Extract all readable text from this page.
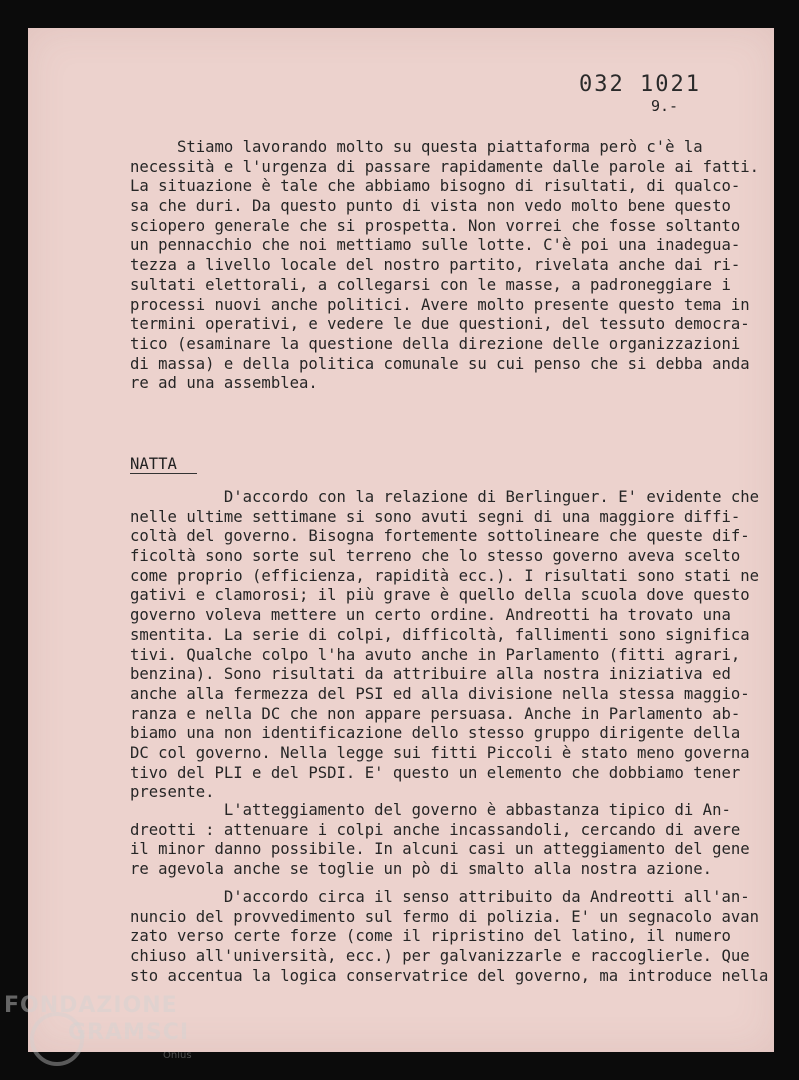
032 1021
9.-
Stiamo lavorando molto su questa piattaforma però c'è la
necessità e l'urgenza di passare rapidamente dalle parole ai fatti.
La situazione è tale che abbiamo bisogno di risultati, di qualco-
sa che duri. Da questo punto di vista non vedo molto bene questo
sciopero generale che si prospetta. Non vorrei che fosse soltanto
un pennacchio che noi mettiamo sulle lotte. C'è poi una inadegua-
tezza a livello locale del nostro partito, rivelata anche dai ri-
sultati elettorali, a collegarsi con le masse, a padroneggiare i
processi nuovi anche politici. Avere molto presente questo tema in
termini operativi, e vedere le due questioni, del tessuto democra-
tico (esaminare la questione della direzione delle organizzazioni
di massa) e della politica comunale su cui penso che si debba anda
re ad una assemblea.
NATTA
D'accordo con la relazione di Berlinguer. E' evidente che
nelle ultime settimane si sono avuti segni di una maggiore diffi-
coltà del governo. Bisogna fortemente sottolineare che queste dif-
ficoltà sono sorte sul terreno che lo stesso governo aveva scelto
come proprio (efficienza, rapidità ecc.). I risultati sono stati ne
gativi e clamorosi; il più grave è quello della scuola dove questo
governo voleva mettere un certo ordine. Andreotti ha trovato una
smentita. La serie di colpi, difficoltà, fallimenti sono significa
tivi. Qualche colpo l'ha avuto anche in Parlamento (fitti agrari,
benzina). Sono risultati da attribuire alla nostra iniziativa ed
anche alla fermezza del PSI ed alla divisione nella stessa maggio-
ranza e nella DC che non appare persuasa. Anche in Parlamento ab-
biamo una non identificazione dello stesso gruppo dirigente della
DC col governo. Nella legge sui fitti Piccoli è stato meno governa
tivo del PLI e del PSDI. E' questo un elemento che dobbiamo tener
presente.
L'atteggiamento del governo è abbastanza tipico di An-
dreotti : attenuare i colpi anche incassandoli, cercando di avere
il minor danno possibile. In alcuni casi un atteggiamento del gene
re agevola anche se toglie un pò di smalto alla nostra azione.
D'accordo circa il senso attribuito da Andreotti all'an-
nuncio del provvedimento sul fermo di polizia. E' un segnacolo avan
zato verso certe forze (come il ripristino del latino, il numero
chiuso all'università, ecc.) per galvanizzarle e raccoglierle. Que
sto accentua la logica conservatrice del governo, ma introduce nella
FONDAZIONE
GRAMSCI
Onlus
